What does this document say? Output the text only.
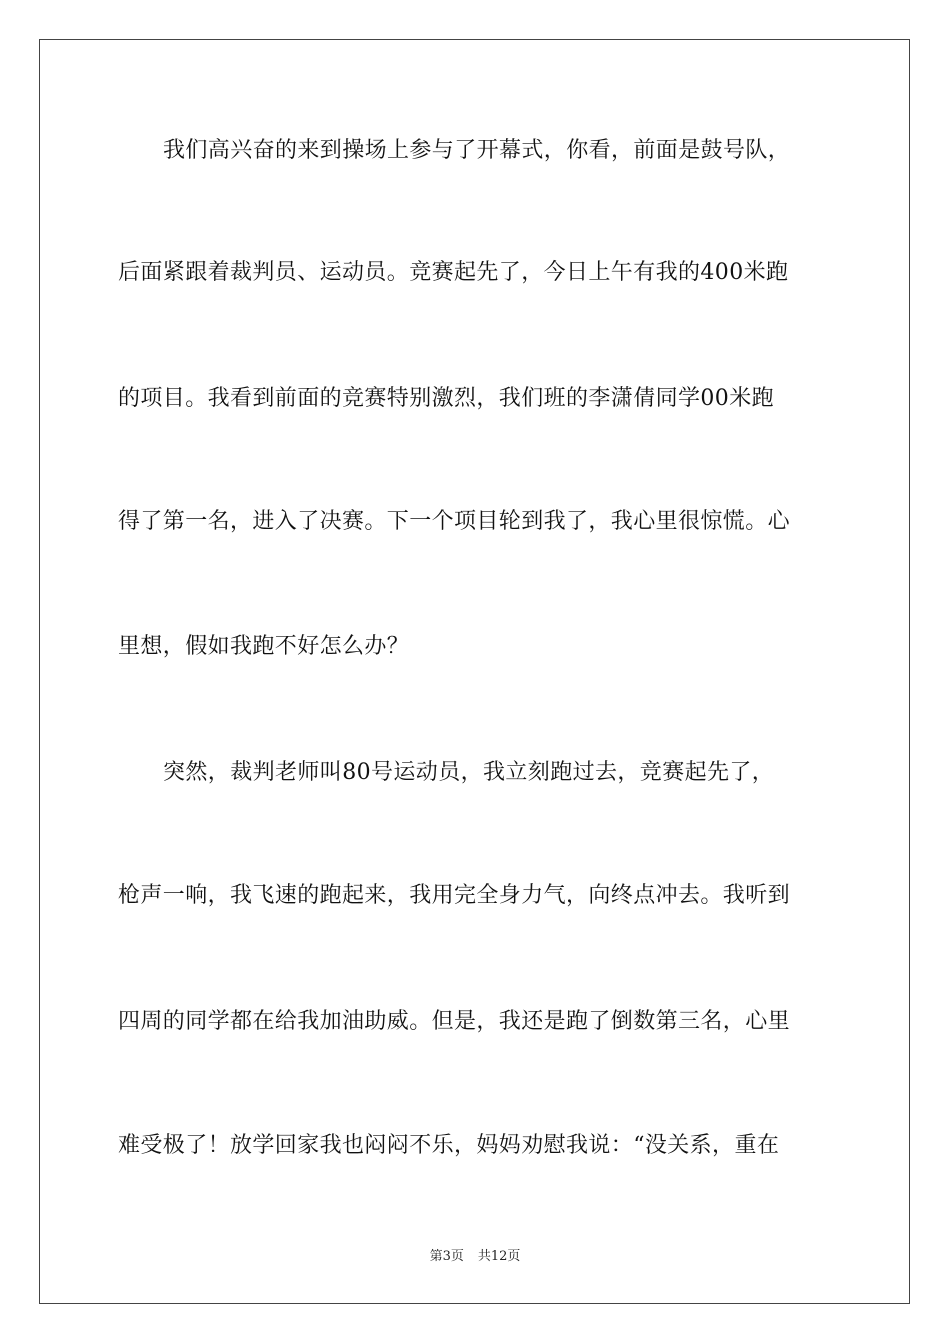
我们高兴奋的来到操场上参与了开幕式，你看，前面是鼓号队，
后面紧跟着裁判员、运动员。竞赛起先了，今日上午有我的400米跑
的项目。我看到前面的竞赛特别激烈，我们班的李潇倩同学00米跑
得了第一名，进入了决赛。下一个项目轮到我了，我心里很惊慌。心
里想，假如我跑不好怎么办？
突然，裁判老师叫80号运动员，我立刻跑过去，竞赛起先了，
枪声一响，我飞速的跑起来，我用完全身力气，向终点冲去。我听到
四周的同学都在给我加油助威。但是，我还是跑了倒数第三名，心里
难受极了！放学回家我也闷闷不乐，妈妈劝慰我说：“没关系，重在
第3页 共12页
